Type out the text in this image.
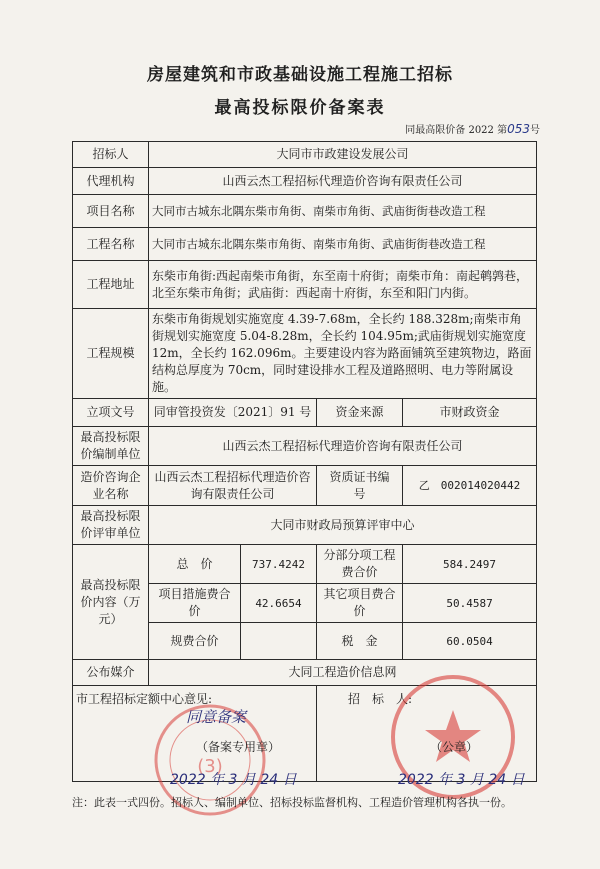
房屋建筑和市政基础设施工程施工招标
最高投标限价备案表
同最高限价备 2022 第053号
招标人	大同市市政建设发展公司			
代理机构	山西云杰工程招标代理造价咨询有限责任公司			
项目名称	大同市古城东北隅东柴市角街、南柴市角街、武庙街街巷改造工程			
工程名称	大同市古城东北隅东柴市角街、南柴市角街、武庙街街巷改造工程			
工程地址	东柴市角街:西起南柴市角街，东至南十府街；南柴市角：南起鹌鹑巷，北至东柴市角街；武庙街：西起南十府街，东至和阳门内街。			
工程规模	东柴市角街规划实施宽度 4.39-7.68m，全长约 188.328m;南柴市角街规划实施宽度 5.04-8.28m，全长约 104.95m;武庙街规划实施宽度 12m，全长约 162.096m。主要建设内容为路面铺筑至建筑物边，路面结构总厚度为 70cm，同时建设排水工程及道路照明、电力等附属设施。			
立项文号	同审管投资发〔2021〕91 号		资金来源	市财政资金
最高投标限价编制单位	山西云杰工程招标代理造价咨询有限责任公司			
造价咨询企业名称	山西云杰工程招标代理造价咨询有限责任公司		资质证书编　　号	乙　002014020442
最高投标限价评审单位	大同市财政局预算评审中心			
最高投标限价内容（万元）	总　价	737.4242	分部分项工程费合价	584.2497
	项目措施费合　价	42.6654	其它项目费合　价	50.4587
	规费合价		税　金	60.0504
公布媒介	大同工程造价信息网			

市工程招标定额中心意见:	招　标　人:
(3)
同意备案
（备案专用章）	（公章）
2022 年 3 月 24 日	2022 年 3 月 24 日
注：此表一式四份。招标人、编制单位、招标投标监督机构、工程造价管理机构各执一份。
